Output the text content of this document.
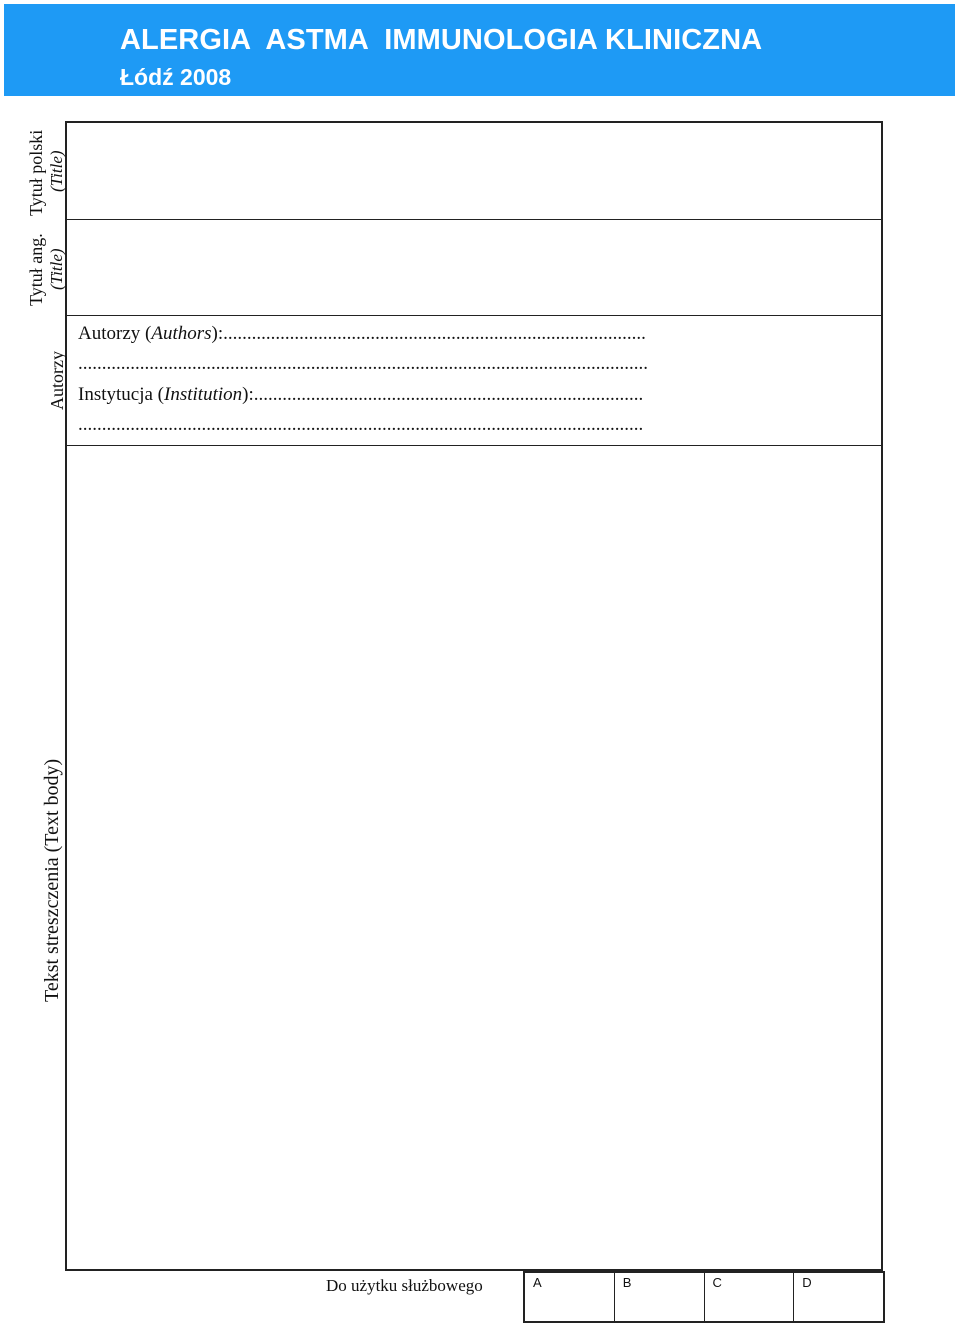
ALERGIA  ASTMA  IMMUNOLOGIA KLINICZNA
Łódź 2008
Tytuł polski (Title)
Tytuł ang. (Title)
Autorzy
Tekst streszczenia (Text body)
Autorzy (Authors):.........................................................................................
........................................................................................................................
Instytucja (Institution):..................................................................................
.......................................................................................................................
Do użytku służbowego	A	B	C	D
